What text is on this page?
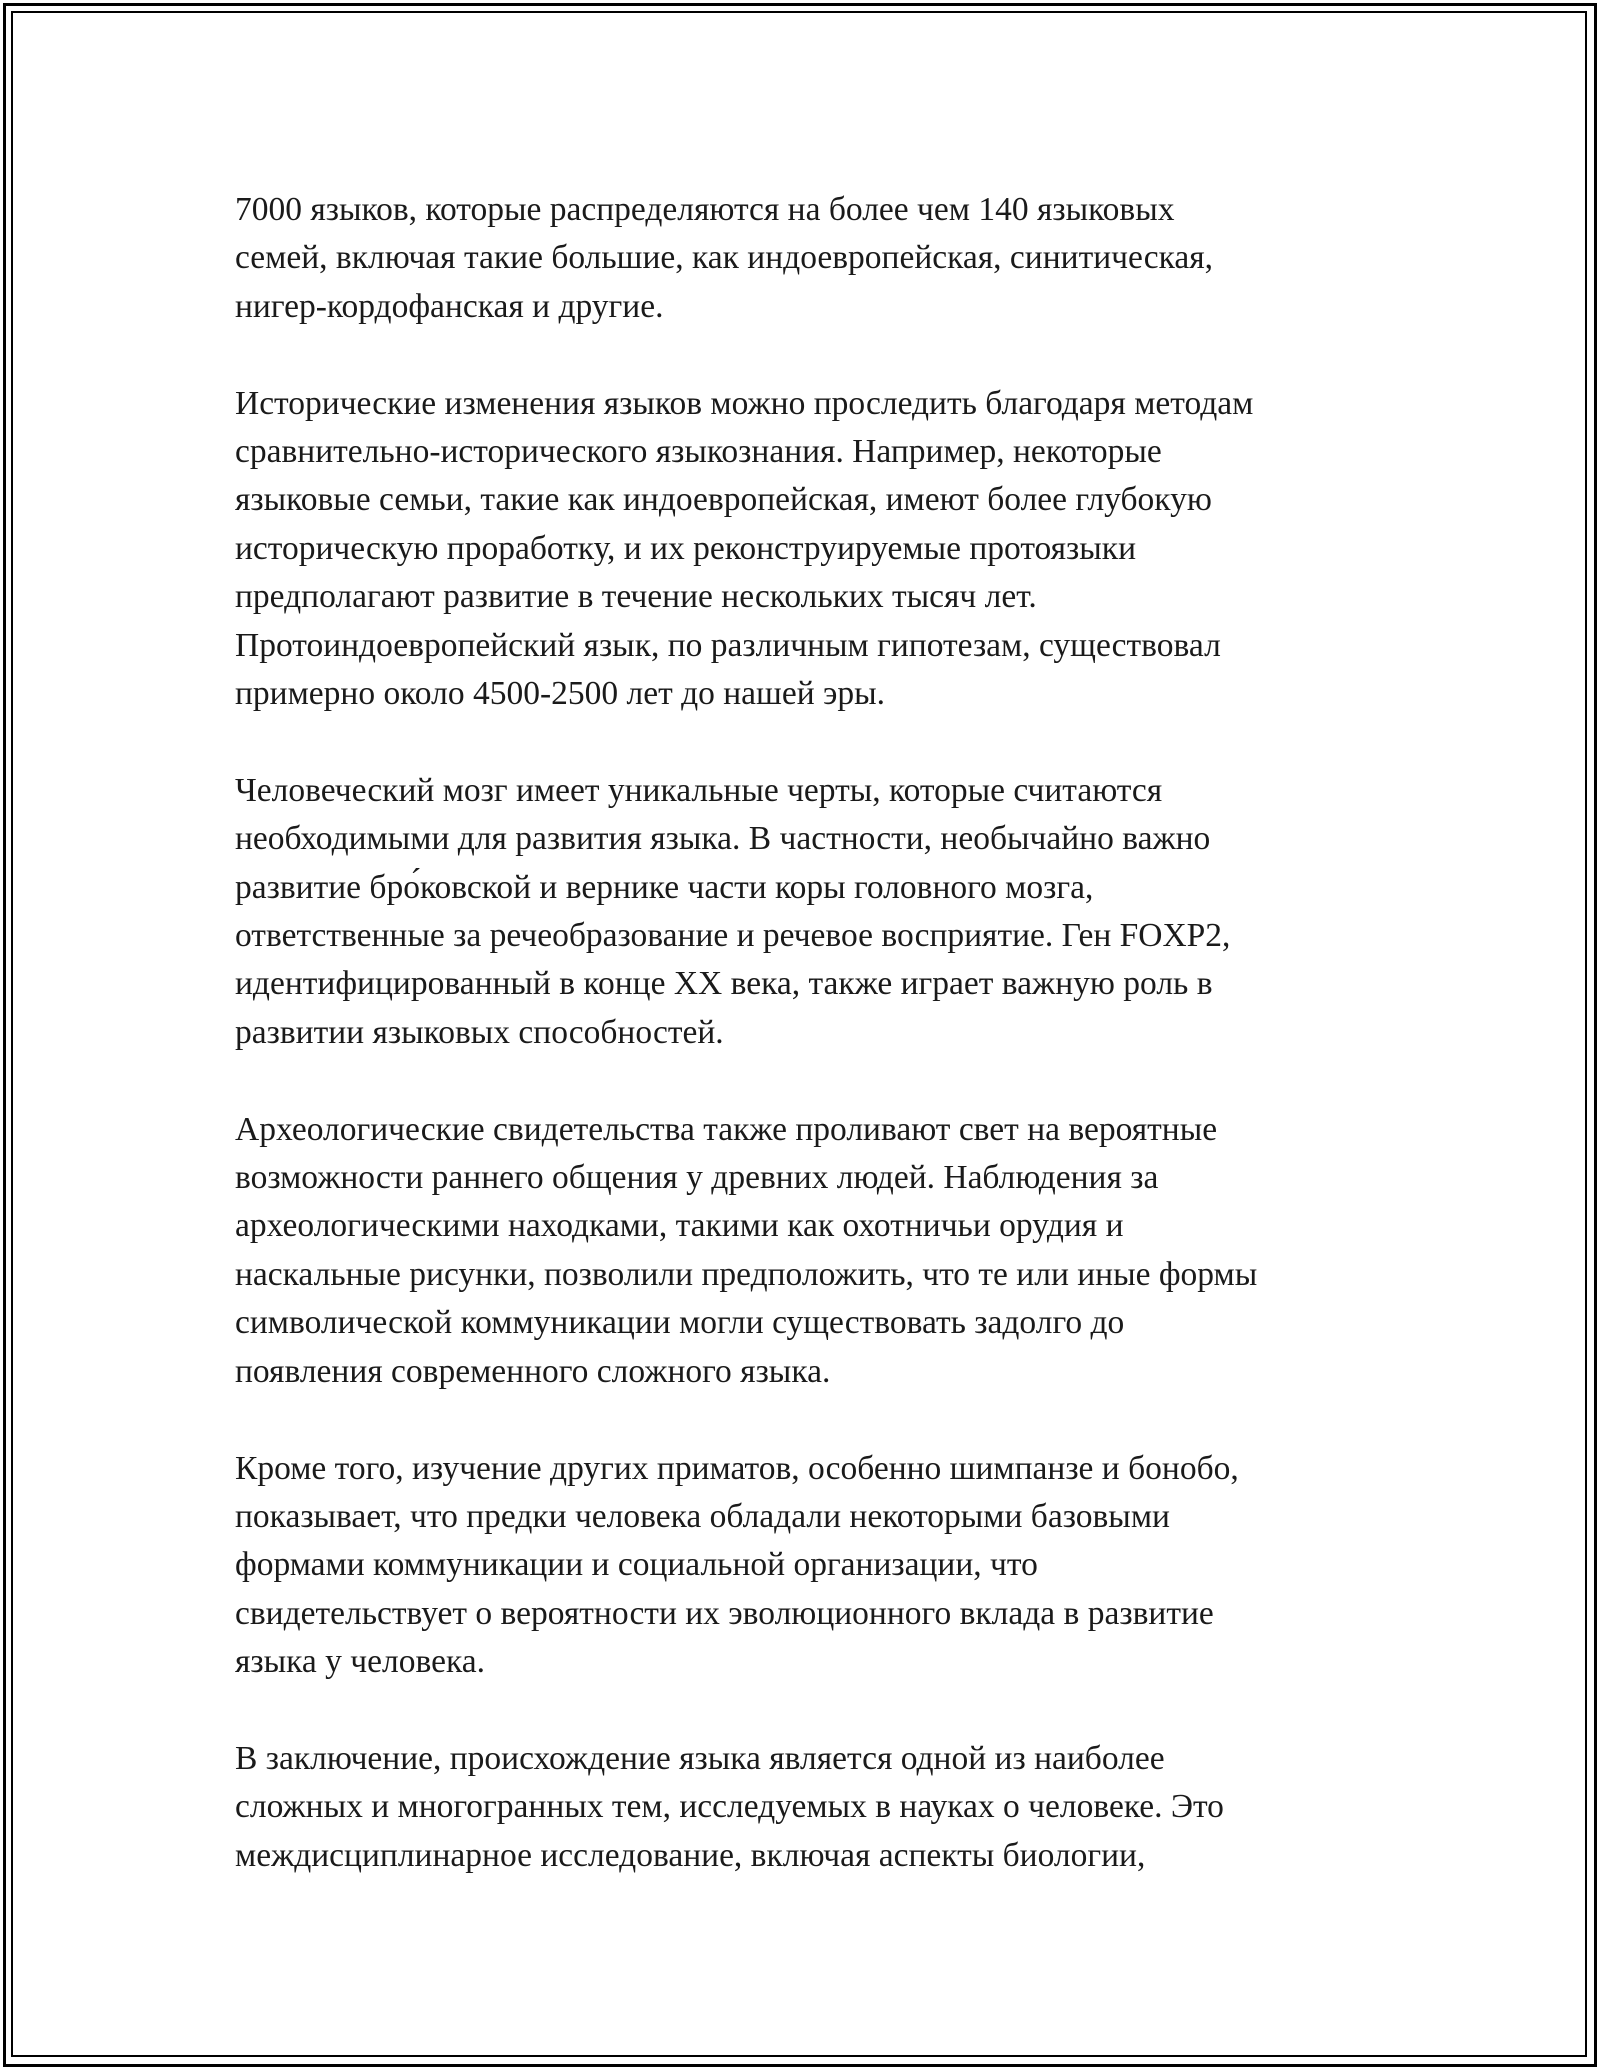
7000 языков, которые распределяются на более чем 140 языковых
семей, включая такие большие, как индоевропейская, синитическая,
нигер-кордофанская и другие.

Исторические изменения языков можно проследить благодаря методам
сравнительно-исторического языкознания. Например, некоторые
языковые семьи, такие как индоевропейская, имеют более глубокую
историческую проработку, и их реконструируемые протоязыки
предполагают развитие в течение нескольких тысяч лет.
Протоиндоевропейский язык, по различным гипотезам, существовал
примерно около 4500-2500 лет до нашей эры.

Человеческий мозг имеет уникальные черты, которые считаются
необходимыми для развития языка. В частности, необычайно важно
развитие бро́ковской и вернике части коры головного мозга,
ответственные за речеобразование и речевое восприятие. Ген FOXP2,
идентифицированный в конце XX века, также играет важную роль в
развитии языковых способностей.

Археологические свидетельства также проливают свет на вероятные
возможности раннего общения у древних людей. Наблюдения за
археологическими находками, такими как охотничьи орудия и
наскальные рисунки, позволили предположить, что те или иные формы
символической коммуникации могли существовать задолго до
появления современного сложного языка.

Кроме того, изучение других приматов, особенно шимпанзе и бонобо,
показывает, что предки человека обладали некоторыми базовыми
формами коммуникации и социальной организации, что
свидетельствует о вероятности их эволюционного вклада в развитие
языка у человека.

В заключение, происхождение языка является одной из наиболее
сложных и многогранных тем, исследуемых в науках о человеке. Это
междисциплинарное исследование, включая аспекты биологии,
